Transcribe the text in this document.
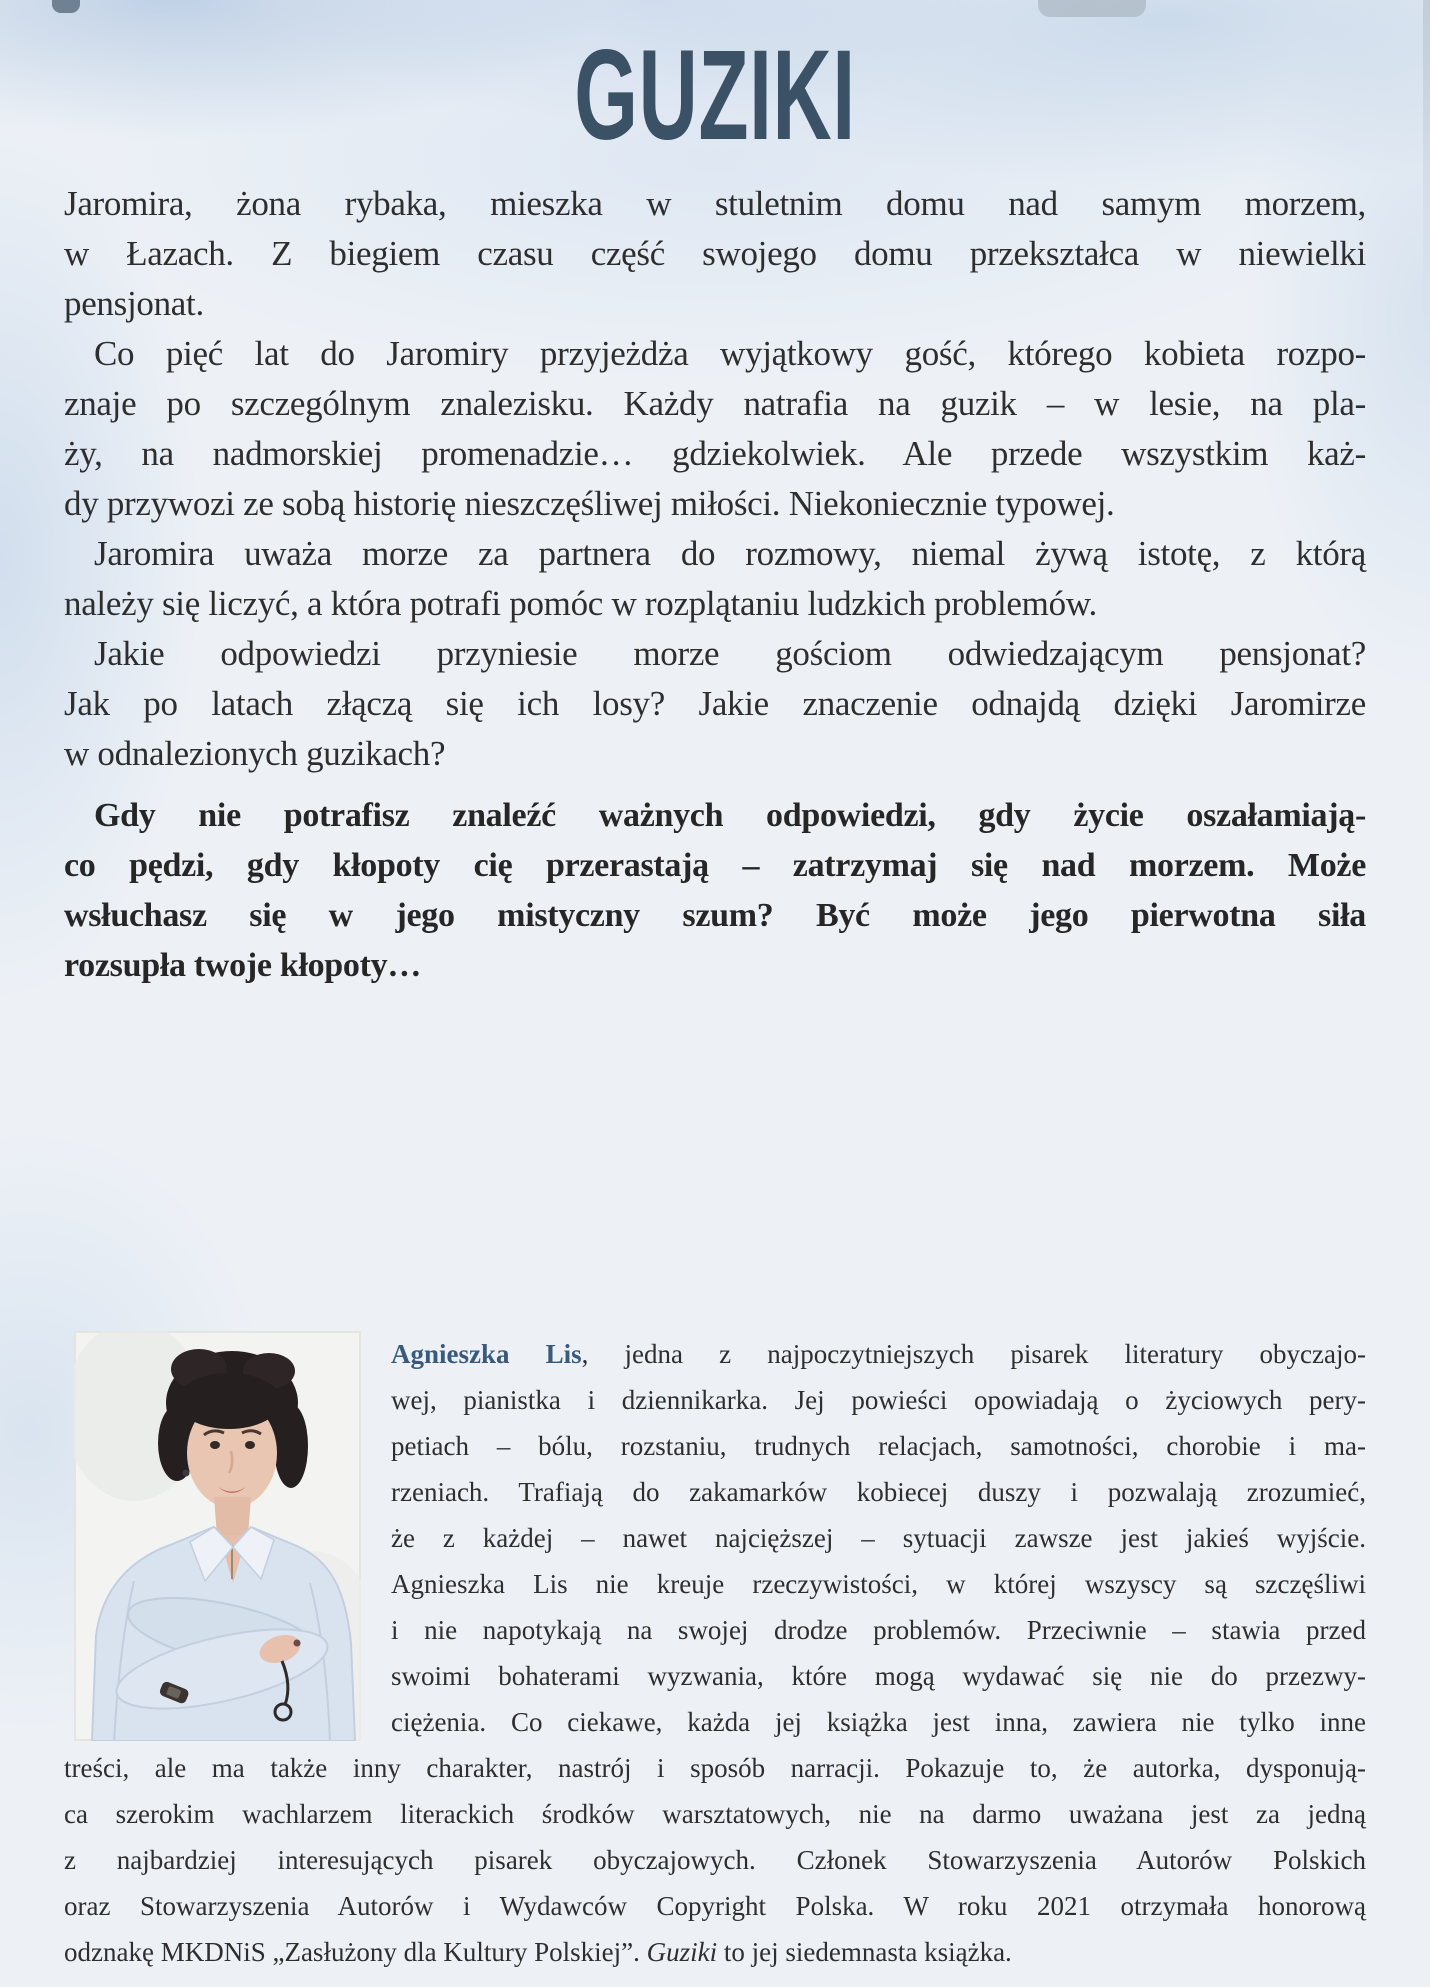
GUZIKI
Jaromira, żona rybaka, mieszka w stuletnim domu nad samym morzem,
w Łazach. Z biegiem czasu część swojego domu przekształca w niewielki
pensjonat.
Co pięć lat do Jaromiry przyjeżdża wyjątkowy gość, którego kobieta rozpo-
znaje po szczególnym znalezisku. Każdy natrafia na guzik – w lesie, na pla-
ży, na nadmorskiej promenadzie… gdziekolwiek. Ale przede wszystkim każ-
dy przywozi ze sobą historię nieszczęśliwej miłości. Niekoniecznie typowej.
Jaromira uważa morze za partnera do rozmowy, niemal żywą istotę, z którą
należy się liczyć, a która potrafi pomóc w rozplątaniu ludzkich problemów.
Jakie odpowiedzi przyniesie morze gościom odwiedzającym pensjonat?
Jak po latach złączą się ich losy? Jakie znaczenie odnajdą dzięki Jaromirze
w odnalezionych guzikach?
Gdy nie potrafisz znaleźć ważnych odpowiedzi, gdy życie oszałamiają-
co pędzi, gdy kłopoty cię przerastają – zatrzymaj się nad morzem. Może
wsłuchasz się w jego mistyczny szum? Być może jego pierwotna siła
rozsupła twoje kłopoty…
Agnieszka Lis, jedna z najpoczytniejszych pisarek literatury obyczajo-
wej, pianistka i dziennikarka. Jej powieści opowiadają o życiowych pery-
petiach – bólu, rozstaniu, trudnych relacjach, samotności, chorobie i ma-
rzeniach. Trafiają do zakamarków kobiecej duszy i pozwalają zrozumieć,
że z każdej – nawet najcięższej – sytuacji zawsze jest jakieś wyjście.
Agnieszka Lis nie kreuje rzeczywistości, w której wszyscy są szczęśliwi
i nie napotykają na swojej drodze problemów. Przeciwnie – stawia przed
swoimi bohaterami wyzwania, które mogą wydawać się nie do przezwy-
ciężenia. Co ciekawe, każda jej książka jest inna, zawiera nie tylko inne
treści, ale ma także inny charakter, nastrój i sposób narracji. Pokazuje to, że autorka, dysponują-
ca szerokim wachlarzem literackich środków warsztatowych, nie na darmo uważana jest za jedną
z najbardziej interesujących pisarek obyczajowych. Członek Stowarzyszenia Autorów Polskich
oraz Stowarzyszenia Autorów i Wydawców Copyright Polska. W roku 2021 otrzymała honorową
odznakę MKDNiS „Zasłużony dla Kultury Polskiej”. Guziki to jej siedemnasta książka.
